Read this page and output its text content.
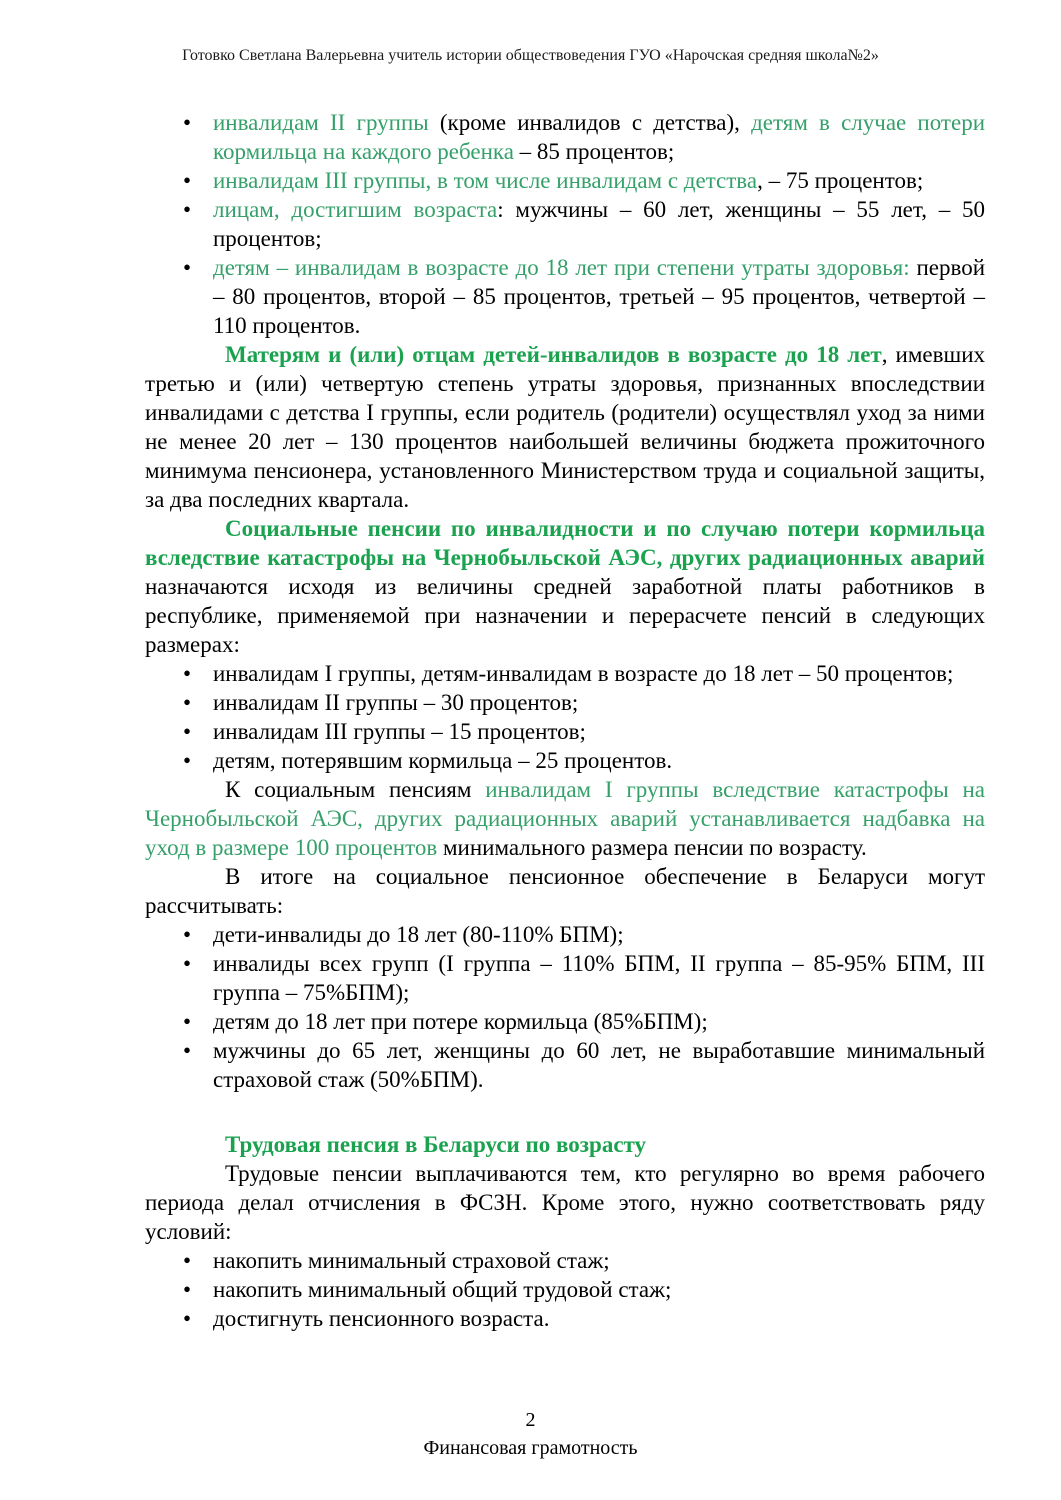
Готовко Светлана Валерьевна учитель истории обществоведения ГУО «Нарочская средняя школа№2»
• инвалидам II группы (кроме инвалидов с детства), детям в случае потери кормильца на каждого ребенка – 85 процентов;
• инвалидам III группы, в том числе инвалидам с детства, – 75 процентов;
• лицам, достигшим возраста: мужчины – 60 лет, женщины – 55 лет, – 50 процентов;
• детям – инвалидам в возрасте до 18 лет при степени утраты здоровья: первой – 80 процентов, второй – 85 процентов, третьей – 95 процентов, четвертой – 110 процентов.

Матерям и (или) отцам детей-инвалидов в возрасте до 18 лет, имевших третью и (или) четвертую степень утраты здоровья, признанных впоследствии инвалидами с детства I группы, если родитель (родители) осуществлял уход за ними не менее 20 лет – 130 процентов наибольшей величины бюджета прожиточного минимума пенсионера, установленного Министерством труда и социальной защиты, за два последних квартала.

Социальные пенсии по инвалидности и по случаю потери кормильца вследствие катастрофы на Чернобыльской АЭС, других радиационных аварий назначаются исходя из величины средней заработной платы работников в республике, применяемой при назначении и перерасчете пенсий в следующих размерах:

• инвалидам I группы, детям-инвалидам в возрасте до 18 лет – 50 процентов;
• инвалидам II группы – 30 процентов;
• инвалидам III группы – 15 процентов;
• детям, потерявшим кормильца – 25 процентов.

К социальным пенсиям инвалидам I группы вследствие катастрофы на Чернобыльской АЭС, других радиационных аварий устанавливается надбавка на уход в размере 100 процентов минимального размера пенсии по возрасту.

В итоге на социальное пенсионное обеспечение в Беларуси могут рассчитывать:

• дети-инвалиды до 18 лет (80-110% БПМ);
• инвалиды всех групп (I группа – 110% БПМ, II группа – 85-95% БПМ, III группа – 75%БПМ);
• детям до 18 лет при потере кормильца (85%БПМ);
• мужчины до 65 лет, женщины до 60 лет, не выработавшие минимальный страховой стаж (50%БПМ).

Трудовая пенсия в Беларуси по возрасту

Трудовые пенсии выплачиваются тем, кто регулярно во время рабочего периода делал отчисления в ФСЗН. Кроме этого, нужно соответствовать ряду условий:

• накопить минимальный страховой стаж;
• накопить минимальный общий трудовой стаж;
• достигнуть пенсионного возраста.
2
Финансовая грамотность
